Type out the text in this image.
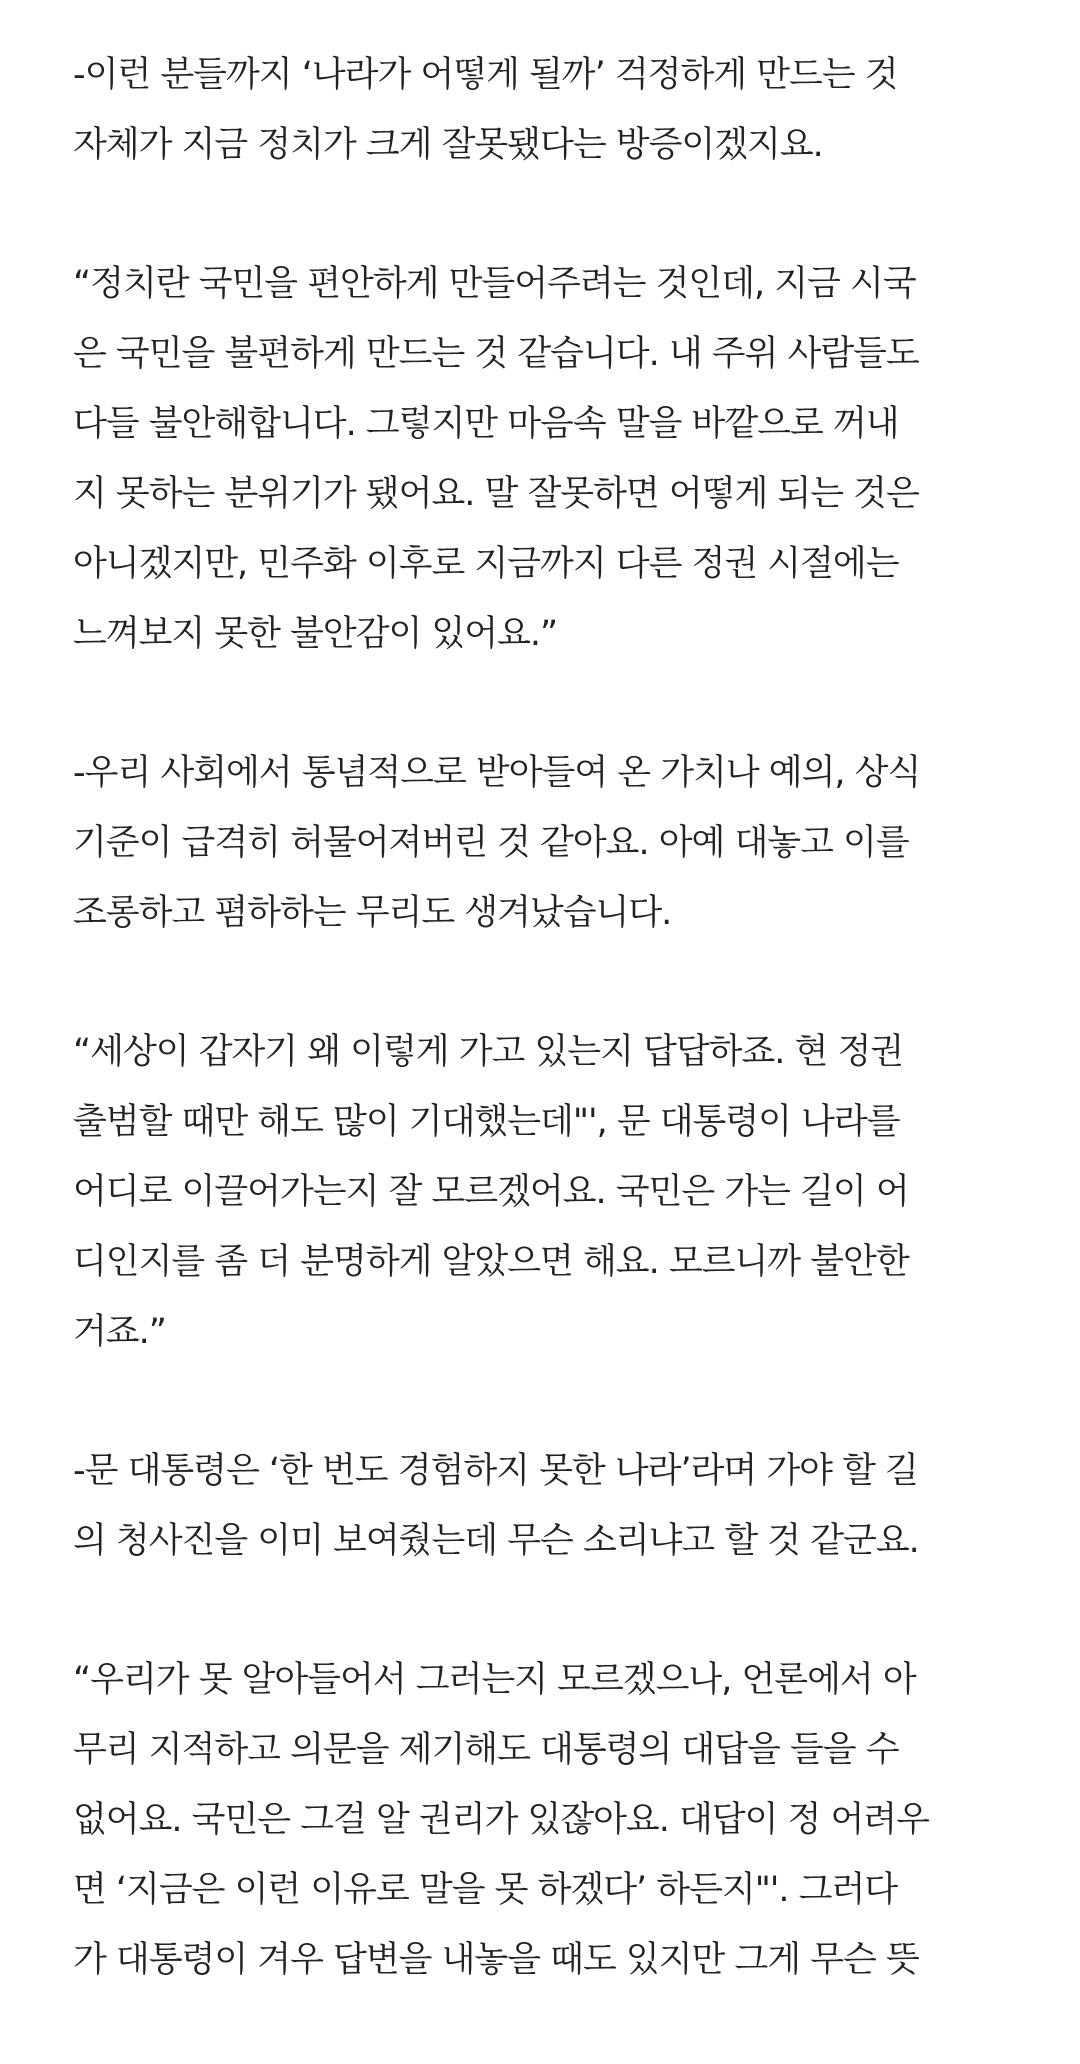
-이런 분들까지 ‘나라가 어떻게 될까’ 걱정하게 만드는 것
자체가 지금 정치가 크게 잘못됐다는 방증이겠지요.
“정치란 국민을 편안하게 만들어주려는 것인데, 지금 시국
은 국민을 불편하게 만드는 것 같습니다. 내 주위 사람들도
다들 불안해합니다. 그렇지만 마음속 말을 바깥으로 꺼내
지 못하는 분위기가 됐어요. 말 잘못하면 어떻게 되는 것은
아니겠지만, 민주화 이후로 지금까지 다른 정권 시절에는
느껴보지 못한 불안감이 있어요.”
-우리 사회에서 통념적으로 받아들여 온 가치나 예의, 상식
기준이 급격히 허물어져버린 것 같아요. 아예 대놓고 이를
조롱하고 폄하하는 무리도 생겨났습니다.
“세상이 갑자기 왜 이렇게 가고 있는지 답답하죠. 현 정권
출범할 때만 해도 많이 기대했는데"', 문 대통령이 나라를
어디로 이끌어가는지 잘 모르겠어요. 국민은 가는 길이 어
디인지를 좀 더 분명하게 알았으면 해요. 모르니까 불안한
거죠.”
-문 대통령은 ‘한 번도 경험하지 못한 나라’라며 가야 할 길
의 청사진을 이미 보여줬는데 무슨 소리냐고 할 것 같군요.
“우리가 못 알아들어서 그러는지 모르겠으나, 언론에서 아
무리 지적하고 의문을 제기해도 대통령의 대답을 들을 수
없어요. 국민은 그걸 알 권리가 있잖아요. 대답이 정 어려우
면 ‘지금은 이런 이유로 말을 못 하겠다’ 하든지"'. 그러다
가 대통령이 겨우 답변을 내놓을 때도 있지만 그게 무슨 뜻
